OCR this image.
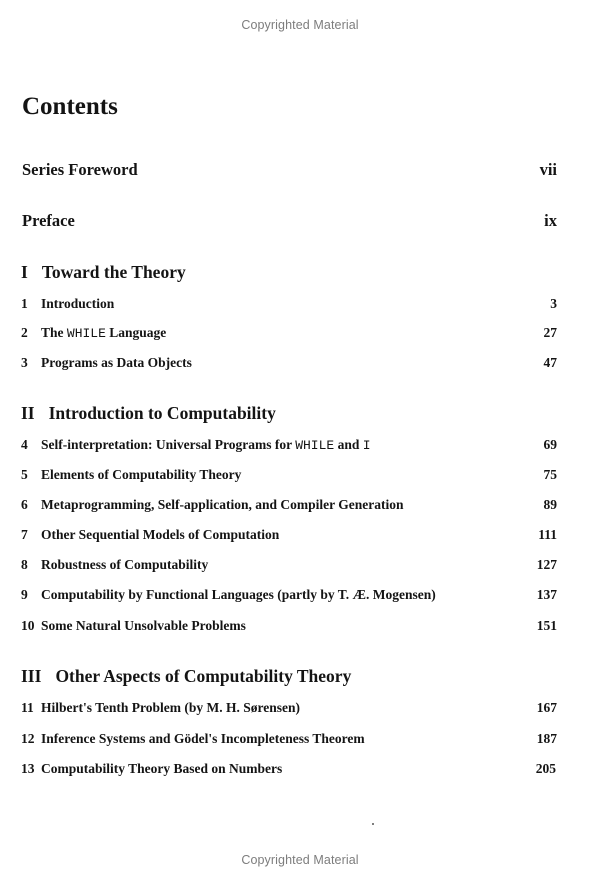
Copyrighted Material
Contents
Series Foreword	vii
Preface	ix
I Toward the Theory
1 Introduction	3
2 The WHILE Language	27
3 Programs as Data Objects	47
II Introduction to Computability
4 Self-interpretation: Universal Programs for WHILE and I	69
5 Elements of Computability Theory	75
6 Metaprogramming, Self-application, and Compiler Generation	89
7 Other Sequential Models of Computation	111
8 Robustness of Computability	127
9 Computability by Functional Languages (partly by T. Æ. Mogensen)	137
10 Some Natural Unsolvable Problems	151
III Other Aspects of Computability Theory
11 Hilbert's Tenth Problem (by M. H. Sørensen)	167
12 Inference Systems and Gödel's Incompleteness Theorem	187
13 Computability Theory Based on Numbers	205
Copyrighted Material
